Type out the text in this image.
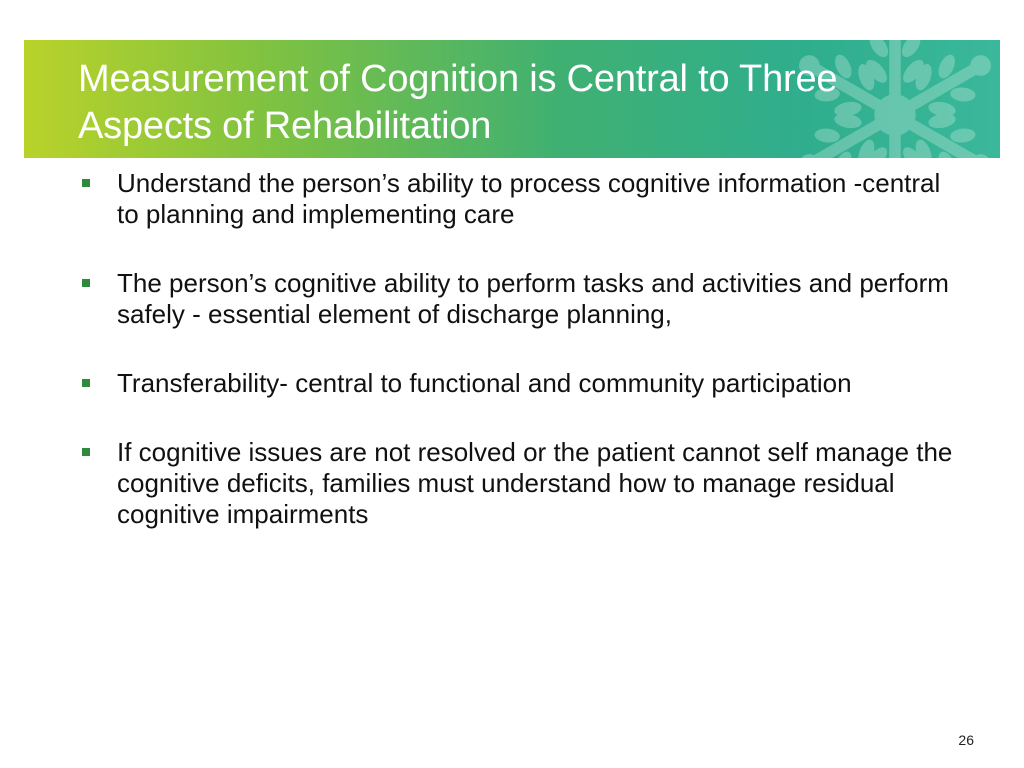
Measurement of Cognition is Central to Three Aspects of Rehabilitation
Understand the person’s ability to process cognitive information -central to planning and implementing care
The person’s cognitive ability to perform tasks and activities and perform safely - essential element of discharge planning,
Transferability- central to functional and community participation
If cognitive issues are not resolved or the patient cannot self manage the cognitive deficits, families must understand how to manage residual cognitive impairments
26
